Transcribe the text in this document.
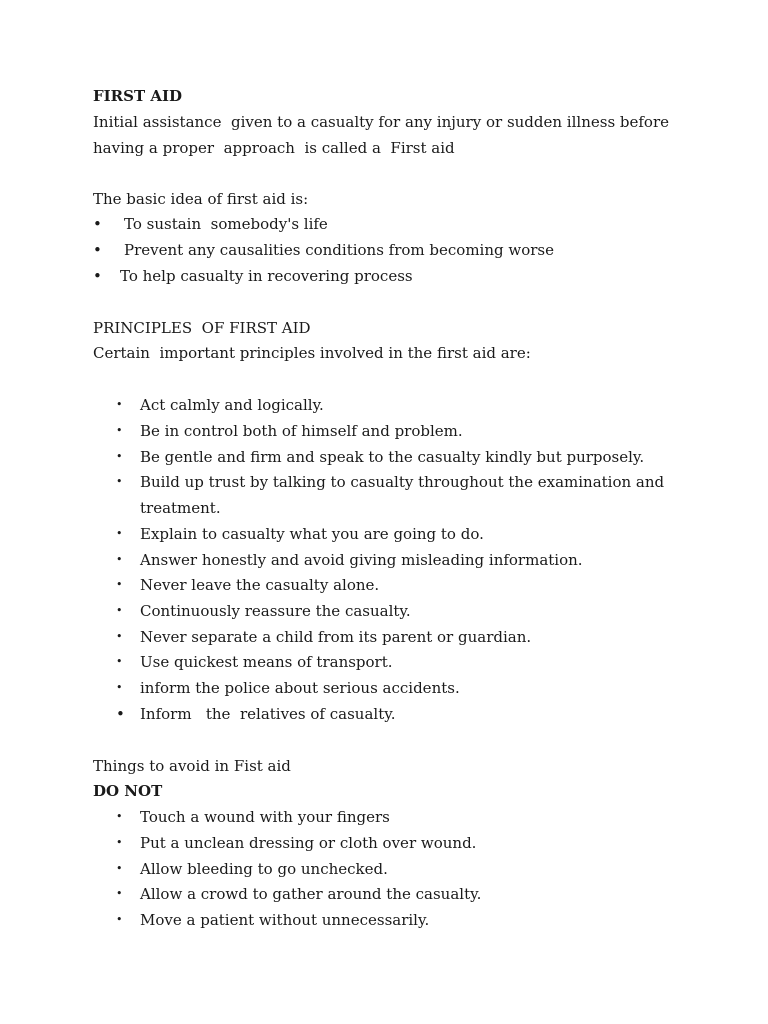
FIRST AID
Initial assistance  given to a casualty for any injury or sudden illness before
having a proper  approach  is called a  First aid
The basic idea of first aid is:
• To sustain  somebody's life
• Prevent any causalities conditions from becoming worse
• To help casualty in recovering process
PRINCIPLES  OF FIRST AID
Certain  important principles involved in the first aid are:
• Act calmly and logically.
• Be in control both of himself and problem.
• Be gentle and firm and speak to the casualty kindly but purposely.
• Build up trust by talking to casualty throughout the examination and
treatment.
• Explain to casualty what you are going to do.
• Answer honestly and avoid giving misleading information.
• Never leave the casualty alone.
• Continuously reassure the casualty.
• Never separate a child from its parent or guardian.
• Use quickest means of transport.
• inform the police about serious accidents.
• Inform   the  relatives of casualty.
Things to avoid in Fist aid
DO NOT
• Touch a wound with your fingers
• Put a unclean dressing or cloth over wound.
• Allow bleeding to go unchecked.
• Allow a crowd to gather around the casualty.
• Move a patient without unnecessarily.
